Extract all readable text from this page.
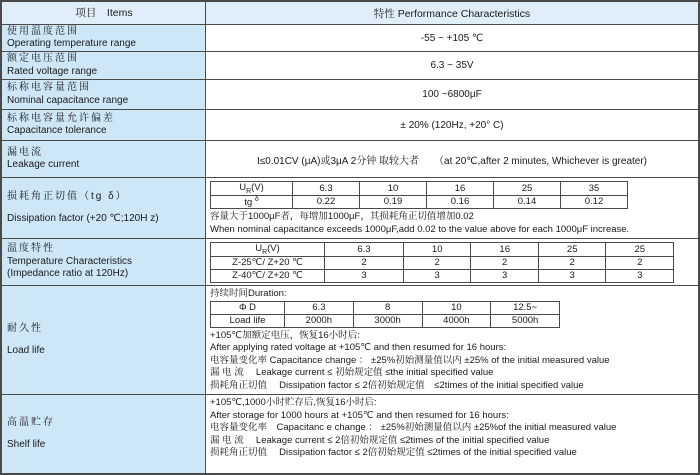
项目　Items	特性 Performance Characteristics
使用温度范围
Operating temperature range	-55 ~ +105 ℃
额定电压范围
Rated voltage range	6.3 ~ 35V
标称电容量范围
Nominal capacitance range	100 ~6800μF
标称电容量允许偏差
Capacitance tolerance	± 20% (120Hz, +20° C)
漏电流
Leakage current	I≤0.01CV (μA)或3μA 2分钟 取较大者　　（at 20℃,after 2 minutes, Whichever is greater)
损耗角正切值（tg δ）
Dissipation factor (+20 ℃;120H z)
$U_R(V)$	6.3	10	16	25	35
tg $^\delta$	0.22	0.19	0.16	0.14	0.12
容量大于1000μF者，每增加1000μF，其损耗角正切值增加0.02
When nominal capacitance exceeds 1000μF,add 0.02 to the value above for each 1000μF increase.
温度特性
Temperature Characteristics
(Impedance ratio at 120Hz)
$U_R(V)$	6.3	10	16	25	25
Z-25℃/ Z+20 ℃	2	2	2	2	2
Z-40℃/ Z+20 ℃	3	3	3	3	3
耐久性
Load life
持续时间Duration:
Φ D	6.3	8	10	12.5~
Load life	2000h	3000h	4000h	5000h
+105℃加额定电压，恢复16小时后:
After applying rated voltage at +105℃ and then resumed for 16 hours:
电容量变化率 Capacitance change ： ±25%初始测量值以内 ±25% of the initial measured value
漏 电 流　 Leakage current ≤ 初始规定值 ≤the initial specified value
损耗角正切值　 Dissipation factor ≤ 2倍初始规定值　≤2times of the initial specified value
高温贮存
Shelf life
+105℃,1000小时贮存后,恢复16小时后:
After storage for 1000 hours at +105℃ and then resumed for 16 hours:
电容量变化率　Capacitanc e change ： ±25%初始测量值以内 ±25%of the initial measured value
漏 电 流　 Leakage current ≤ 2倍初始规定值 ≤2times of the initial specified value
损耗角正切值　 Dissipation factor ≤ 2倍初始规定值 ≤2times of the initial specified value
